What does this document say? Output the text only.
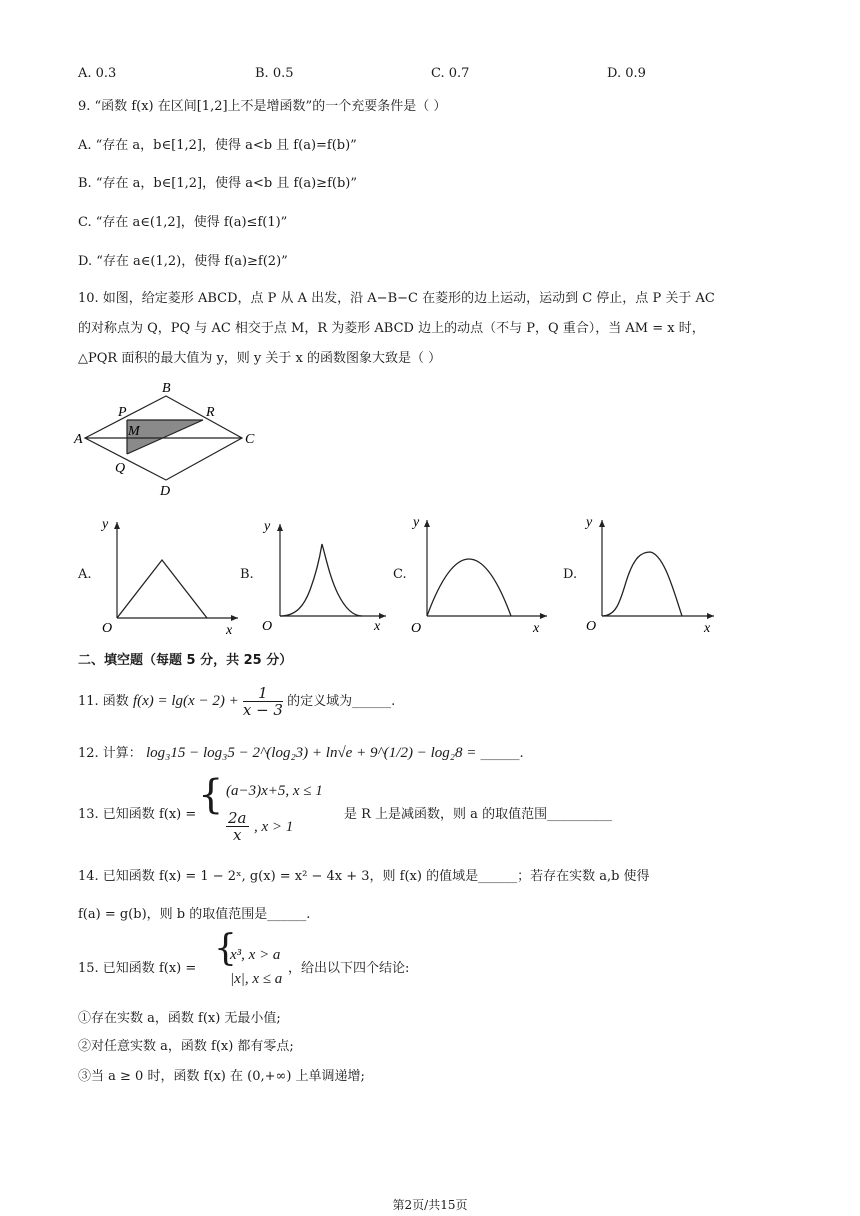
A. 0.3	B. 0.5	C. 0.7	D. 0.9
9. “函数 f(x) 在区间[1,2]上不是增函数”的一个充要条件是（ ）
A. “存在 a，b∈[1,2]，使得 a<b 且 f(a)=f(b)”
B. “存在 a，b∈[1,2]，使得 a<b 且 f(a)≥f(b)”
C. “存在 a∈(1,2]，使得 f(a)≤f(1)”
D. “存在 a∈(1,2)，使得 f(a)≥f(2)”
10. 如图，给定菱形 ABCD，点 P 从 A 出发，沿 A−B−C 在菱形的边上运动，运动到 C 停止，点 P 关于 AC
的对称点为 Q，PQ 与 AC 相交于点 M，R 为菱形 ABCD 边上的动点（不与 P，Q 重合），当 AM = x 时，
△PQR 面积的最大值为 y，则 y 关于 x 的函数图象大致是（ ）
B
A	C
D
P
Q
R
M
A.
y
x
O
B.
y
x
O
C.
y
x
O
D.
y
x
O
二、填空题（每题 5 分，共 25 分）
11. 函数 $f(x) = \lg(x - 2) + \frac{1}{x - 3}$ 的定义域为______.
12. 计算： log₃15 − log₃5 − 2^(log₂3) + ln√e + 9^(1/2) − log₂8 = ______.
13. 已知函数 f(x) = { (a−3)x+5, x ≤ 1
$\frac{2a}{x}$ , x > 1
是 R 上是减函数，则 a 的取值范围__________
14. 已知函数 f(x) = 1 − 2ˣ, g(x) = x² − 4x + 3，则 f(x) 的值域是______；若存在实数 a,b 使得
f(a) = g(b)，则 b 的取值范围是______.
15. 已知函数 f(x) = {
x³, x > a
|x|, x ≤ a
，给出以下四个结论:
①存在实数 a，函数 f(x) 无最小值;
②对任意实数 a，函数 f(x) 都有零点;
③当 a ≥ 0 时，函数 f(x) 在 (0,+∞) 上单调递增;
第2页/共15页
